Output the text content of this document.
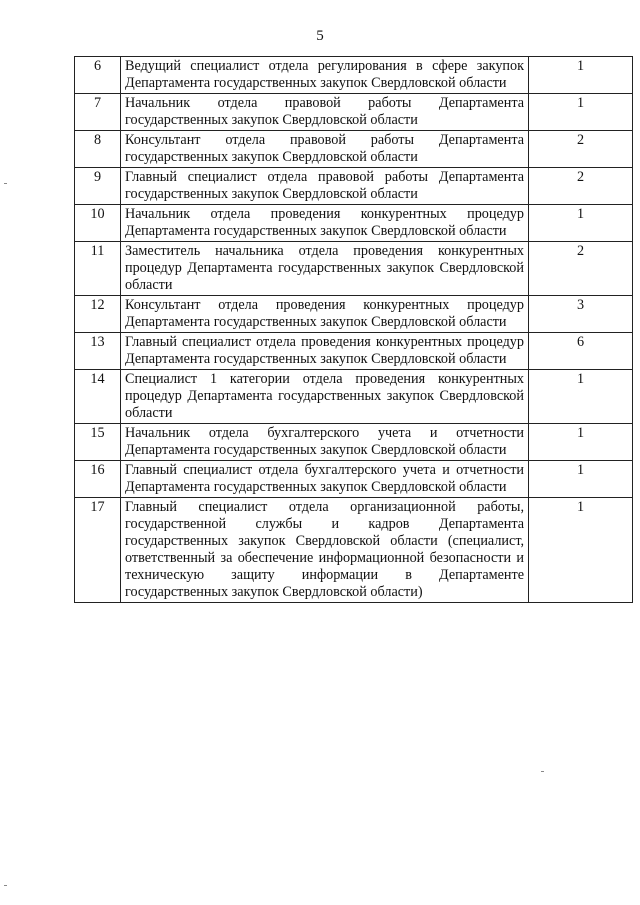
5
6	Ведущий специалист отдела регулирования в сфере закупок Департамента государственных закупок Свердловской области	1
7	Начальник отдела правовой работы Департамента государственных закупок Свердловской области	1
8	Консультант отдела правовой работы Департамента государственных закупок Свердловской области	2
9	Главный специалист отдела правовой работы Департамента государственных закупок Свердловской области	2
10	Начальник отдела проведения конкурентных процедур Департамента государственных закупок Свердловской области	1
11	Заместитель начальника отдела проведения конкурентных процедур Департамента государственных закупок Свердловской области	2
12	Консультант отдела проведения конкурентных процедур Департамента государственных закупок Свердловской области	3
13	Главный специалист отдела проведения конкурентных процедур Департамента государственных закупок Свердловской области	6
14	Специалист 1 категории отдела проведения конкурентных процедур Департамента государственных закупок Свердловской области	1
15	Начальник отдела бухгалтерского учета и отчетности Департамента государственных закупок Свердловской области	1
16	Главный специалист отдела бухгалтерского учета и отчетности Департамента государственных закупок Свердловской области	1
17	Главный специалист отдела организационной работы, государственной службы и кадров Департамента государственных закупок Свердловской области (специалист, ответственный за обеспечение информационной безопасности и техническую защиту информации в Департаменте государственных закупок Свердловской области)	1
